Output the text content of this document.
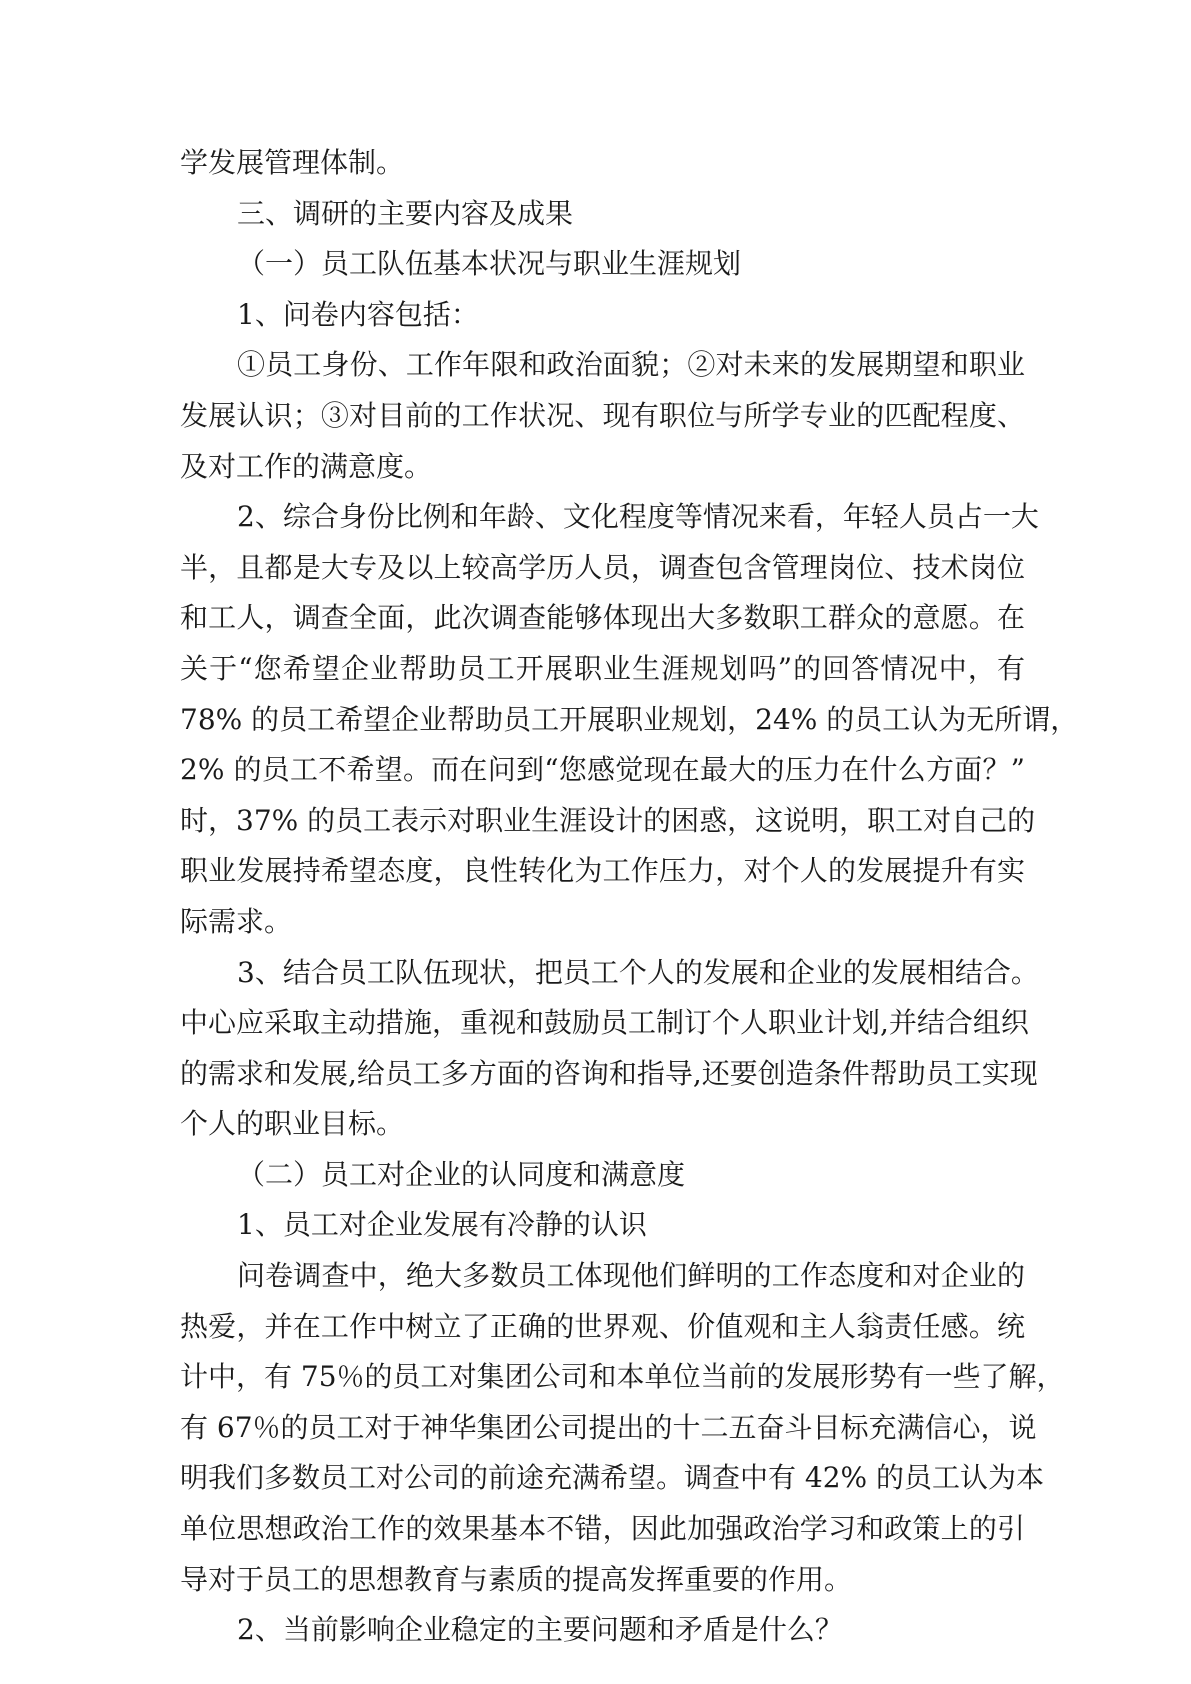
学发展管理体制。
三、调研的主要内容及成果
（一）员工队伍基本状况与职业生涯规划
1、问卷内容包括：
①员工身份、工作年限和政治面貌；②对未来的发展期望和职业
发展认识；③对目前的工作状况、现有职位与所学专业的匹配程度、
及对工作的满意度。
2、综合身份比例和年龄、文化程度等情况来看，年轻人员占一大
半，且都是大专及以上较高学历人员，调查包含管理岗位、技术岗位
和工人，调查全面，此次调查能够体现出大多数职工群众的意愿。在
关于“您希望企业帮助员工开展职业生涯规划吗”的回答情况中，有
78% 的员工希望企业帮助员工开展职业规划，24% 的员工认为无所谓，
2% 的员工不希望。而在问到“您感觉现在最大的压力在什么方面？”
时，37% 的员工表示对职业生涯设计的困惑，这说明，职工对自己的
职业发展持希望态度，良性转化为工作压力，对个人的发展提升有实
际需求。
3、结合员工队伍现状，把员工个人的发展和企业的发展相结合。
中心应采取主动措施，重视和鼓励员工制订个人职业计划,并结合组织
的需求和发展,给员工多方面的咨询和指导,还要创造条件帮助员工实现
个人的职业目标。
（二）员工对企业的认同度和满意度
1、员工对企业发展有冷静的认识
问卷调查中，绝大多数员工体现他们鲜明的工作态度和对企业的
热爱，并在工作中树立了正确的世界观、价值观和主人翁责任感。统
计中，有 75％的员工对集团公司和本单位当前的发展形势有一些了解，
有 67％的员工对于神华集团公司提出的十二五奋斗目标充满信心，说
明我们多数员工对公司的前途充满希望。调查中有 42% 的员工认为本
单位思想政治工作的效果基本不错，因此加强政治学习和政策上的引
导对于员工的思想教育与素质的提高发挥重要的作用。
2、当前影响企业稳定的主要问题和矛盾是什么？
